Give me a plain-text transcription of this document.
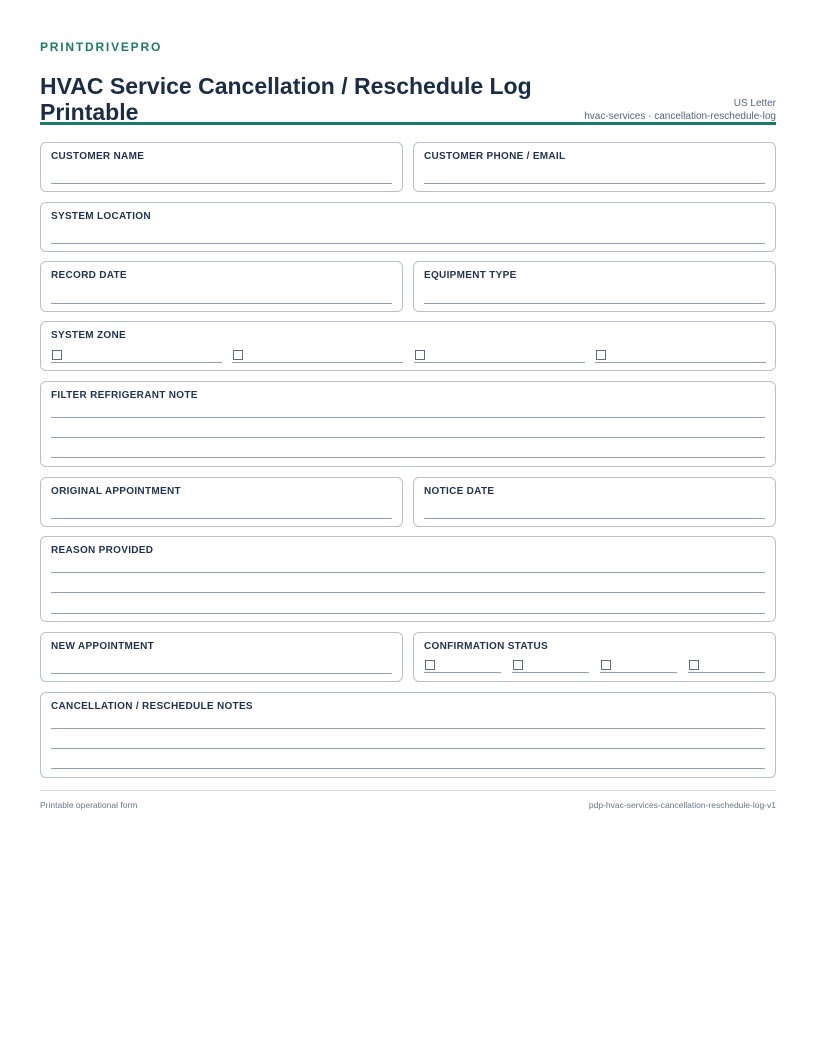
PRINTDRIVEPRO
HVAC Service Cancellation / Reschedule Log Printable	US Letter
hvac-services · cancellation-reschedule-log
CUSTOMER NAME	CUSTOMER PHONE / EMAIL
SYSTEM LOCATION
RECORD DATE	EQUIPMENT TYPE
SYSTEM ZONE
FILTER REFRIGERANT NOTE
ORIGINAL APPOINTMENT	NOTICE DATE
REASON PROVIDED
NEW APPOINTMENT	CONFIRMATION STATUS
CANCELLATION / RESCHEDULE NOTES
Printable operational form	pdp-hvac-services-cancellation-reschedule-log-v1
